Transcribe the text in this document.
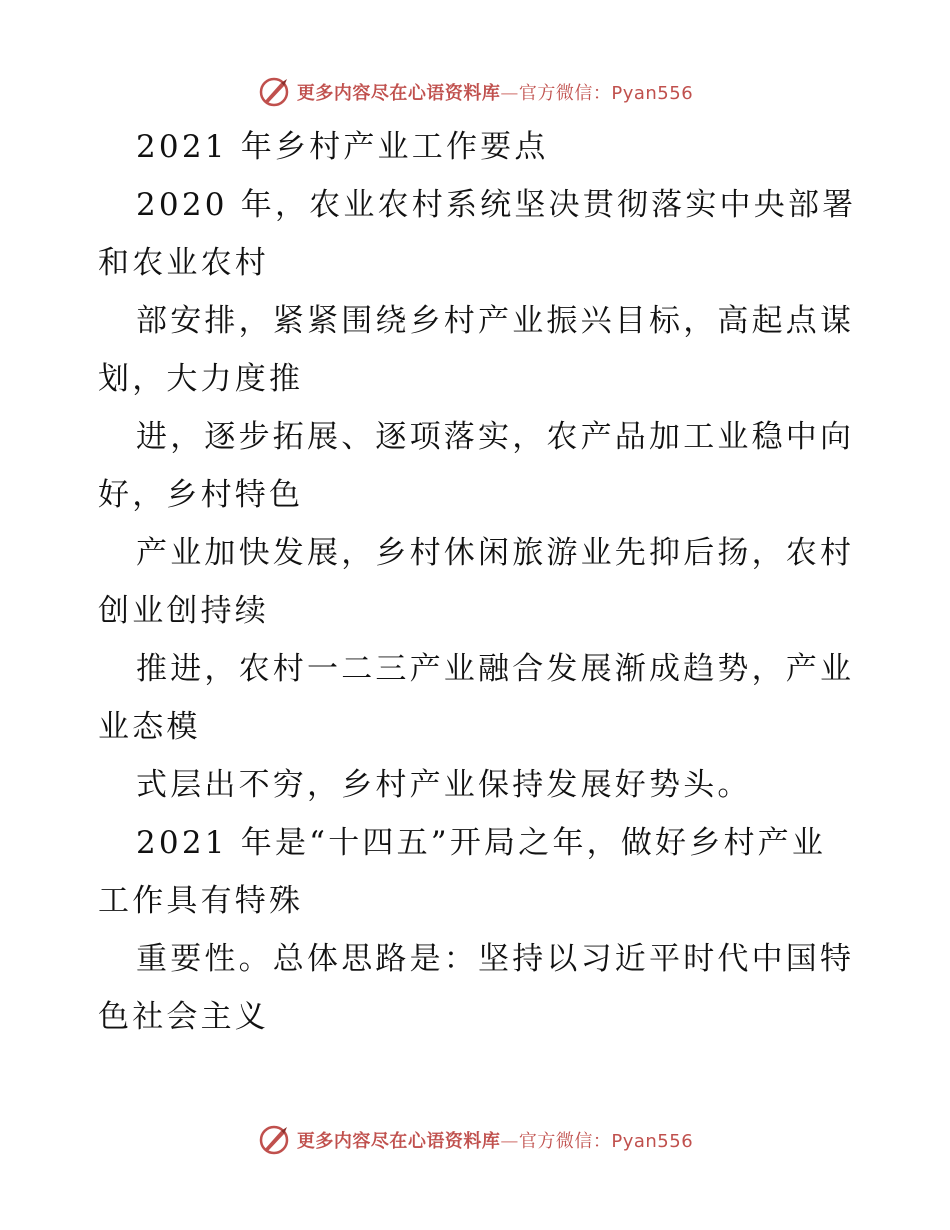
更多内容尽在心语资料库—官方微信：Pyan556
2021 年乡村产业工作要点
2020 年，农业农村系统坚决贯彻落实中央部署
和农业农村
部安排，紧紧围绕乡村产业振兴目标，高起点谋
划，大力度推
进，逐步拓展、逐项落实，农产品加工业稳中向
好，乡村特色
产业加快发展，乡村休闲旅游业先抑后扬，农村
创业创持续
推进，农村一二三产业融合发展渐成趋势，产业
业态模
式层出不穷，乡村产业保持发展好势头。
2021 年是“十四五”开局之年，做好乡村产业
工作具有特殊
重要性。总体思路是：坚持以习近平时代中国特
色社会主义
更多内容尽在心语资料库—官方微信：Pyan556
